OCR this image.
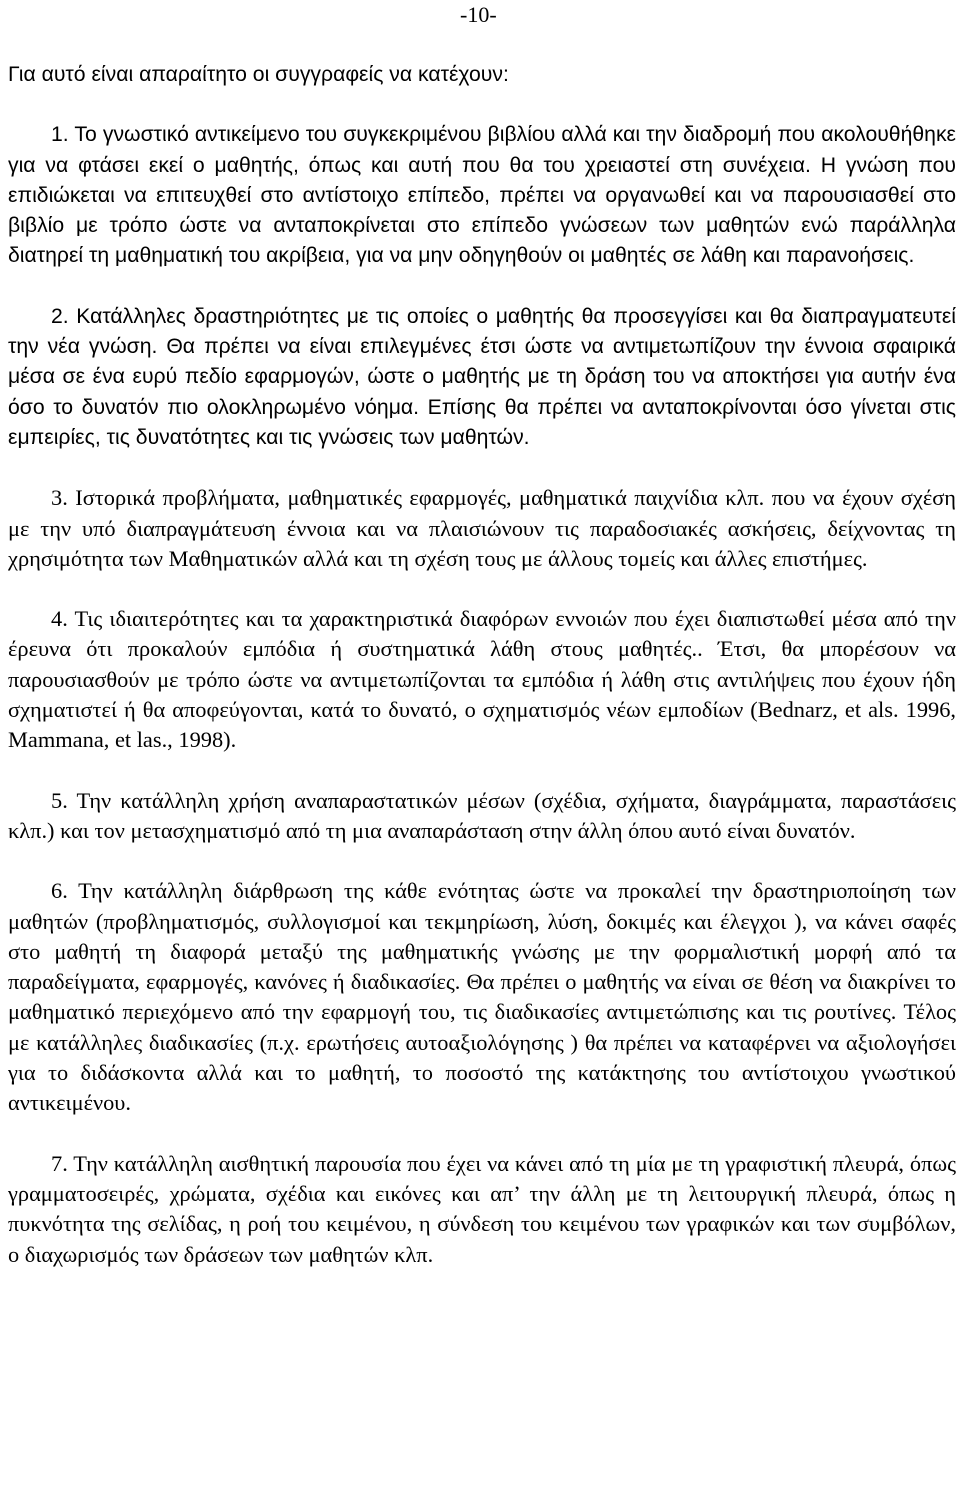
-10-

Για αυτό είναι απαραίτητο οι συγγραφείς να κατέχουν:

1. Το γνωστικό αντικείμενο του συγκεκριμένου βιβλίου αλλά και την διαδρομή που ακολουθήθηκε για να φτάσει εκεί ο μαθητής, όπως και αυτή που θα του χρειαστεί στη συνέχεια. Η γνώση που επιδιώκεται να επιτευχθεί στο αντίστοιχο επίπεδο, πρέπει να οργανωθεί και να παρουσιασθεί στο βιβλίο με τρόπο ώστε να ανταποκρίνεται στο επίπεδο γνώσεων των μαθητών ενώ παράλληλα διατηρεί τη μαθηματική του ακρίβεια, για να μην οδηγηθούν οι μαθητές σε λάθη και παρανοήσεις.

2. Κατάλληλες δραστηριότητες με τις οποίες ο μαθητής θα προσεγγίσει και θα διαπραγματευτεί την νέα γνώση. Θα πρέπει να είναι επιλεγμένες έτσι ώστε να αντιμετωπίζουν την έννοια σφαιρικά μέσα σε ένα ευρύ πεδίο εφαρμογών, ώστε ο μαθητής με τη δράση του να αποκτήσει για αυτήν ένα όσο το δυνατόν πιο ολοκληρωμένο νόημα. Επίσης θα πρέπει να ανταποκρίνονται όσο γίνεται στις εμπειρίες, τις δυνατότητες και τις γνώσεις των μαθητών.

3. Ιστορικά προβλήματα, μαθηματικές εφαρμογές, μαθηματικά παιχνίδια κλπ. που να έχουν σχέση με την υπό διαπραγμάτευση έννοια και να πλαισιώνουν τις παραδοσιακές ασκήσεις, δείχνοντας τη χρησιμότητα των Μαθηματικών αλλά και τη σχέση τους με άλλους τομείς και άλλες επιστήμες.

4. Τις ιδιαιτερότητες και τα χαρακτηριστικά διαφόρων εννοιών που έχει διαπιστωθεί μέσα από την έρευνα ότι προκαλούν εμπόδια ή συστηματικά λάθη στους μαθητές.. Έτσι, θα μπορέσουν να παρουσιασθούν με τρόπο ώστε να αντιμετωπίζονται τα εμπόδια ή λάθη στις αντιλήψεις που έχουν ήδη σχηματιστεί ή θα αποφεύγονται, κατά το δυνατό, ο σχηματισμός νέων εμποδίων (Bednarz, et als. 1996, Mammana, et las., 1998).

5. Την κατάλληλη χρήση αναπαραστατικών μέσων (σχέδια, σχήματα, διαγράμματα, παραστάσεις κλπ.) και τον μετασχηματισμό από τη μια αναπαράσταση στην άλλη όπου αυτό είναι δυνατόν.

6. Την κατάλληλη διάρθρωση της κάθε ενότητας ώστε να προκαλεί την δραστηριοποίηση των μαθητών (προβληματισμός, συλλογισμοί και τεκμηρίωση, λύση, δοκιμές και έλεγχοι ), να κάνει σαφές στο μαθητή τη διαφορά μεταξύ της μαθηματικής γνώσης με την φορμαλιστική μορφή από τα παραδείγματα, εφαρμογές, κανόνες ή διαδικασίες. Θα πρέπει ο μαθητής να είναι σε θέση να διακρίνει το μαθηματικό περιεχόμενο από την εφαρμογή του, τις διαδικασίες αντιμετώπισης και τις ρουτίνες. Τέλος με κατάλληλες διαδικασίες (π.χ. ερωτήσεις αυτοαξιολόγησης ) θα πρέπει να καταφέρνει να αξιολογήσει για το διδάσκοντα αλλά και το μαθητή, το ποσοστό της κατάκτησης του αντίστοιχου γνωστικού αντικειμένου.

7. Την κατάλληλη αισθητική παρουσία που έχει να κάνει από τη μία με τη γραφιστική πλευρά, όπως γραμματοσειρές, χρώματα, σχέδια και εικόνες και απ’ την άλλη με τη λειτουργική πλευρά, όπως η πυκνότητα της σελίδας, η ροή του κειμένου, η σύνδεση του κειμένου των γραφικών και των συμβόλων, ο διαχωρισμός των δράσεων των μαθητών κλπ.
